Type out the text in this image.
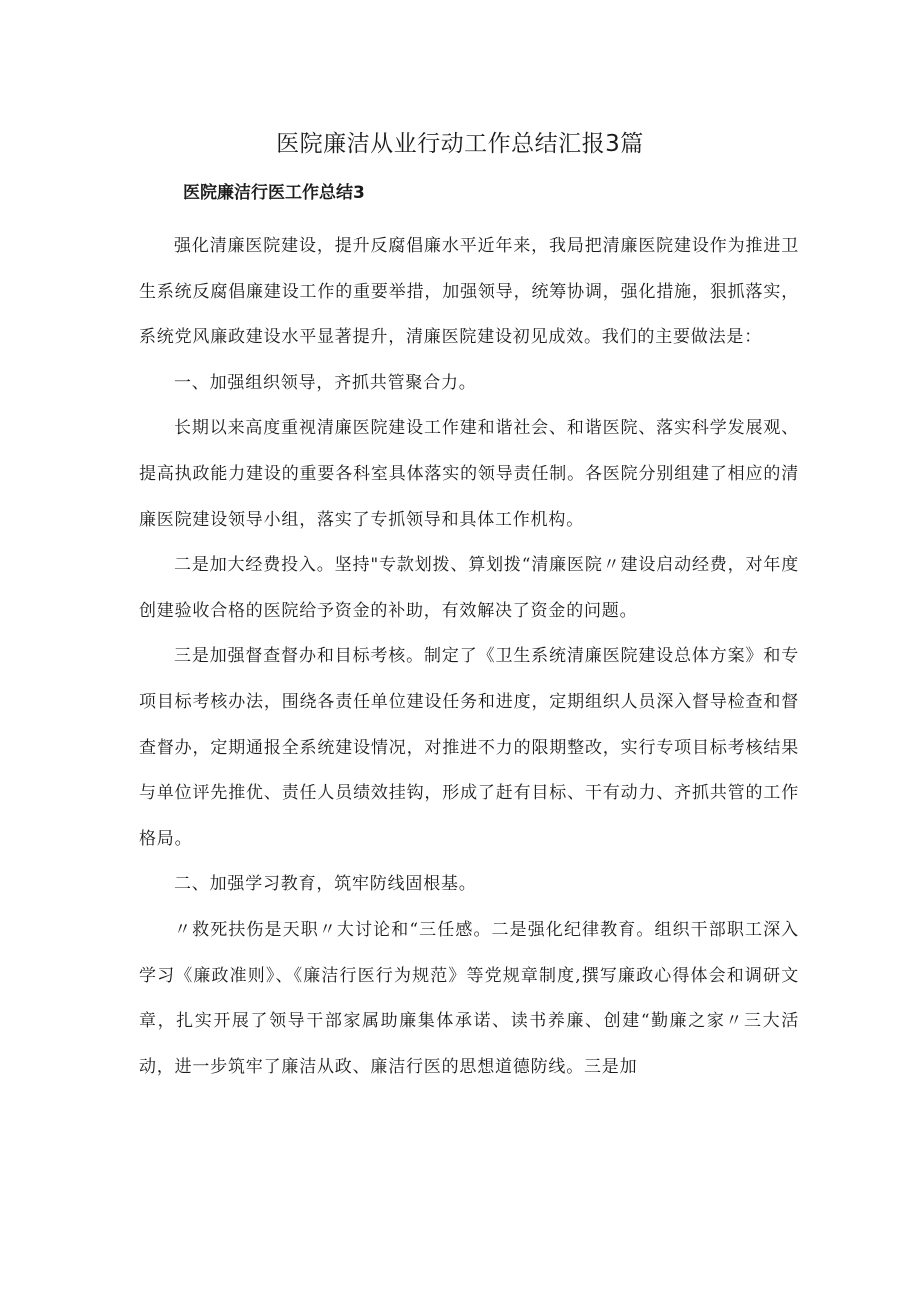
医院廉洁从业行动工作总结汇报3篇
医院廉洁行医工作总结3

强化清廉医院建设，提升反腐倡廉水平近年来，我局把清廉医院建设作为推进卫生系统反腐倡廉建设工作的重要举措，加强领导，统筹协调，强化措施，狠抓落实，系统党风廉政建设水平显著提升，清廉医院建设初见成效。我们的主要做法是：

一、加强组织领导，齐抓共管聚合力。

长期以来高度重视清廉医院建设工作建和谐社会、和谐医院、落实科学发展观、提高执政能力建设的重要各科室具体落实的领导责任制。各医院分别组建了相应的清廉医院建设领导小组，落实了专抓领导和具体工作机构。

二是加大经费投入。坚持"专款划拨、算划拨“清廉医院〃建设启动经费，对年度创建验收合格的医院给予资金的补助，有效解决了资金的问题。

三是加强督查督办和目标考核。制定了《卫生系统清廉医院建设总体方案》和专项目标考核办法，围绕各责任单位建设任务和进度，定期组织人员深入督导检查和督查督办，定期通报全系统建设情况，对推进不力的限期整改，实行专项目标考核结果与单位评先推优、责任人员绩效挂钩，形成了赶有目标、干有动力、齐抓共管的工作格局。

二、加强学习教育，筑牢防线固根基。

〃救死扶伤是天职〃大讨论和“三任感。二是强化纪律教育。组织干部职工深入学习《廉政准则》、《廉洁行医行为规范》等党规章制度,撰写廉政心得体会和调研文章，扎实开展了领导干部家属助廉集体承诺、读书养廉、创建“勤廉之家〃三大活动，进一步筑牢了廉洁从政、廉洁行医的思想道德防线。三是加
